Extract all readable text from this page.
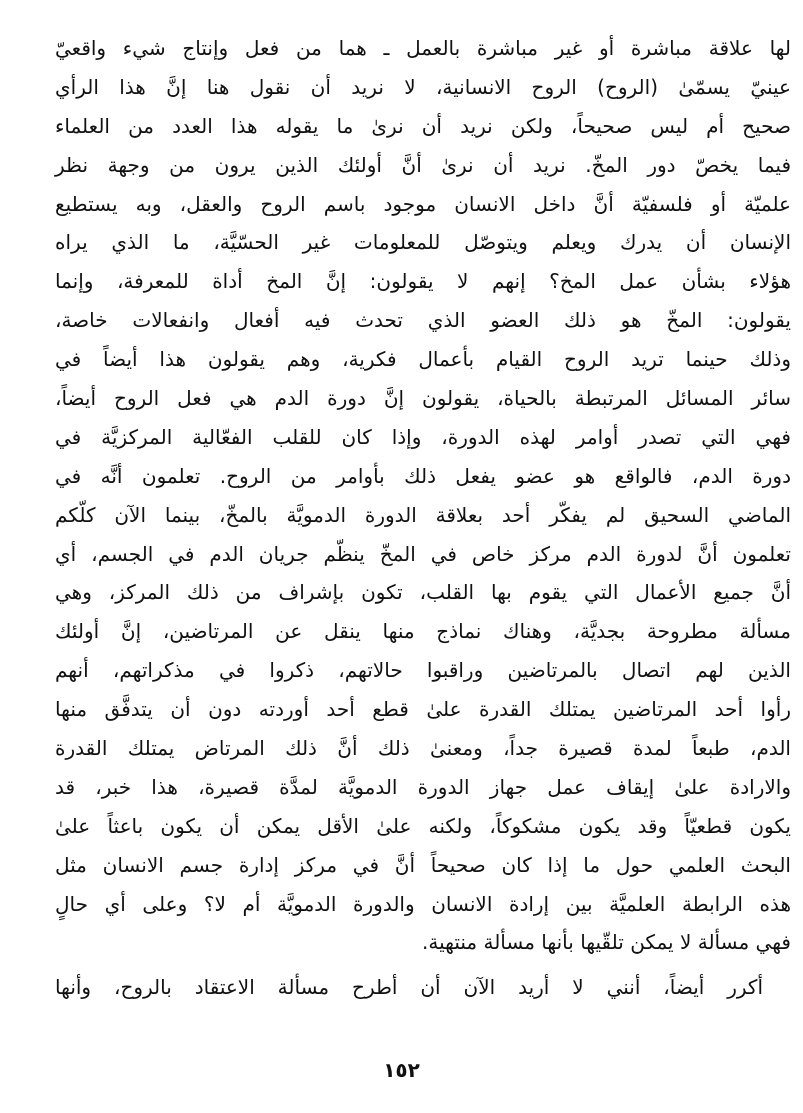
لها علاقة مباشرة أو غير مباشرة بالعمل ـ هما من فعل وإنتاج شيء واقعيّ
عينيّ يسمّىٰ (الروح) الروح الانسانية، لا نريد أن نقول هنا إنَّ هذا الرأي
صحيح أم ليس صحيحاً، ولكن نريد أن نرىٰ ما يقوله هذا العدد من العلماء
فيما يخصّ دور المخّ. نريد أن نرىٰ أنَّ أولئك الذين يرون من وجهة نظر
علميّة أو فلسفيّة أنَّ داخل الانسان موجود باسم الروح والعقل، وبه يستطيع
الإنسان أن يدرك ويعلم ويتوصّل للمعلومات غير الحسّيَّة، ما الذي يراه
هؤلاء بشأن عمل المخ؟ إنهم لا يقولون: إنَّ المخ أداة للمعرفة، وإنما
يقولون: المخّ هو ذلك العضو الذي تحدث فيه أفعال وانفعالات خاصة،
وذلك حينما تريد الروح القيام بأعمال فكرية، وهم يقولون هذا أيضاً في
سائر المسائل المرتبطة بالحياة، يقولون إنَّ دورة الدم هي فعل الروح أيضاً،
فهي التي تصدر أوامر لهذه الدورة، وإذا كان للقلب الفعّالية المركزيَّة في
دورة الدم، فالواقع هو عضو يفعل ذلك بأوامر من الروح. تعلمون أنَّه في
الماضي السحيق لم يفكّر أحد بعلاقة الدورة الدمويَّة بالمخّ، بينما الآن كلّكم
تعلمون أنَّ لدورة الدم مركز خاص في المخّ ينظّم جريان الدم في الجسم، أي
أنَّ جميع الأعمال التي يقوم بها القلب، تكون بإشراف من ذلك المركز، وهي
مسألة مطروحة بجديَّة، وهناك نماذج منها ينقل عن المرتاضين، إنَّ أولئك
الذين لهم اتصال بالمرتاضين وراقبوا حالاتهم، ذكروا في مذكراتهم، أنهم
رأوا أحد المرتاضين يمتلك القدرة علىٰ قطع أحد أوردته دون أن يتدفَّق منها
الدم، طبعاً لمدة قصيرة جداً، ومعنىٰ ذلك أنَّ ذلك المرتاض يمتلك القدرة
والارادة علىٰ إيقاف عمل جهاز الدورة الدمويَّة لمدَّة قصيرة، هذا خبر، قد
يكون قطعيّاً وقد يكون مشكوكاً، ولكنه علىٰ الأقل يمكن أن يكون باعثاً علىٰ
البحث العلمي حول ما إذا كان صحيحاً أنَّ في مركز إدارة جسم الانسان مثل
هذه الرابطة العلميَّة بين إرادة الانسان والدورة الدمويَّة أم لا؟ وعلى أي حالٍ
فهي مسألة لا يمكن تلقّيها بأنها مسألة منتهية.
أكرر أيضاً، أنني لا أريد الآن أن أطرح مسألة الاعتقاد بالروح، وأنها
١٥٢
